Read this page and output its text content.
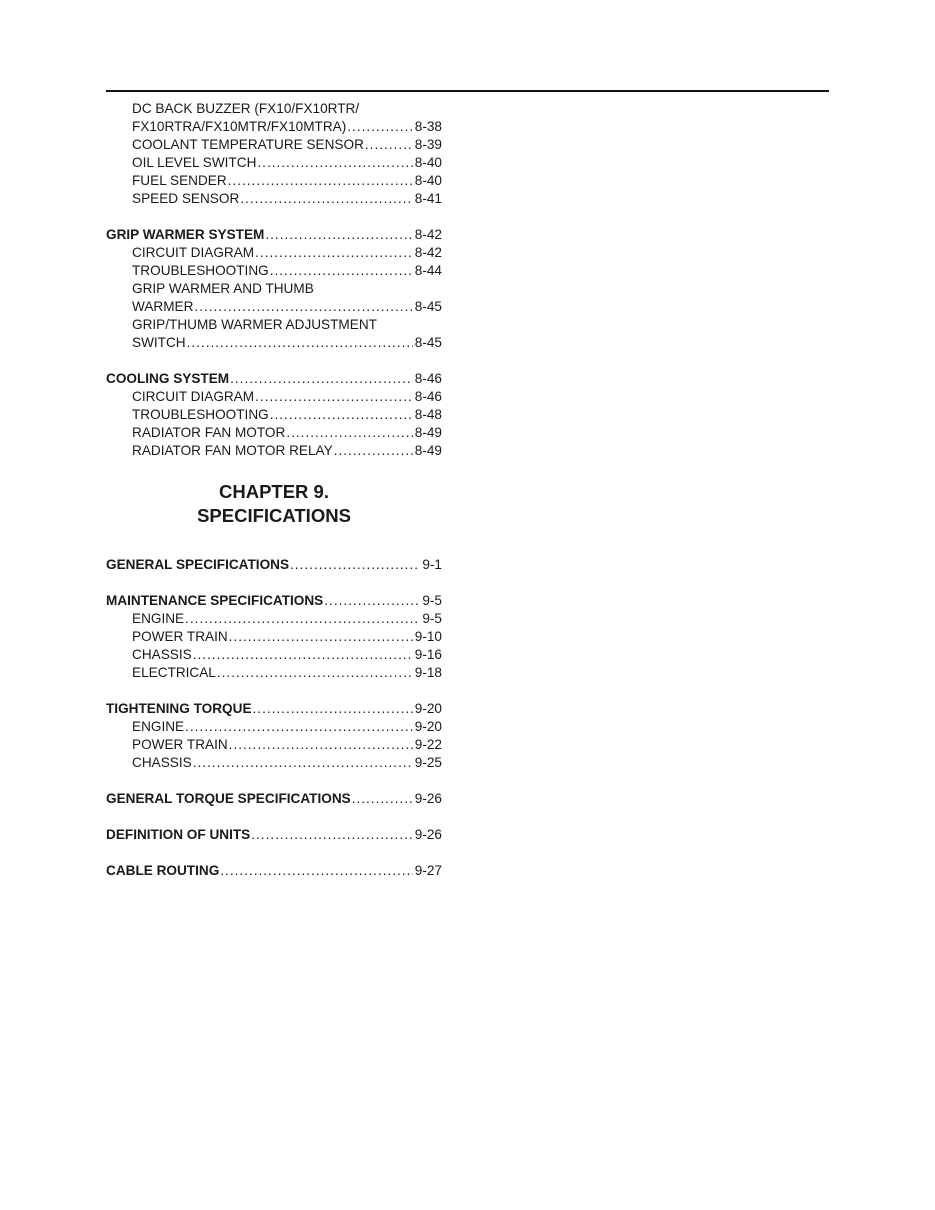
DC BACK BUZZER (FX10/FX10RTR/
FX10RTRA/FX10MTR/FX10MTRA) .....	8-38
COOLANT TEMPERATURE SENSOR .....	8-39
OIL LEVEL SWITCH .....	8-40
FUEL SENDER .....	8-40
SPEED SENSOR .....	8-41
GRIP WARMER SYSTEM .....	8-42
CIRCUIT DIAGRAM .....	8-42
TROUBLESHOOTING .....	8-44
GRIP WARMER AND THUMB
WARMER .....	8-45
GRIP/THUMB WARMER ADJUSTMENT
SWITCH .....	8-45
COOLING SYSTEM .....	8-46
CIRCUIT DIAGRAM .....	8-46
TROUBLESHOOTING .....	8-48
RADIATOR FAN MOTOR .....	8-49
RADIATOR FAN MOTOR RELAY .....	8-49
CHAPTER 9.
SPECIFICATIONS
GENERAL SPECIFICATIONS .....	9-1
MAINTENANCE SPECIFICATIONS .....	9-5
ENGINE .....	9-5
POWER TRAIN .....	9-10
CHASSIS .....	9-16
ELECTRICAL .....	9-18
TIGHTENING TORQUE .....	9-20
ENGINE .....	9-20
POWER TRAIN .....	9-22
CHASSIS .....	9-25
GENERAL TORQUE SPECIFICATIONS .....	9-26
DEFINITION OF UNITS .....	9-26
CABLE ROUTING .....	9-27
